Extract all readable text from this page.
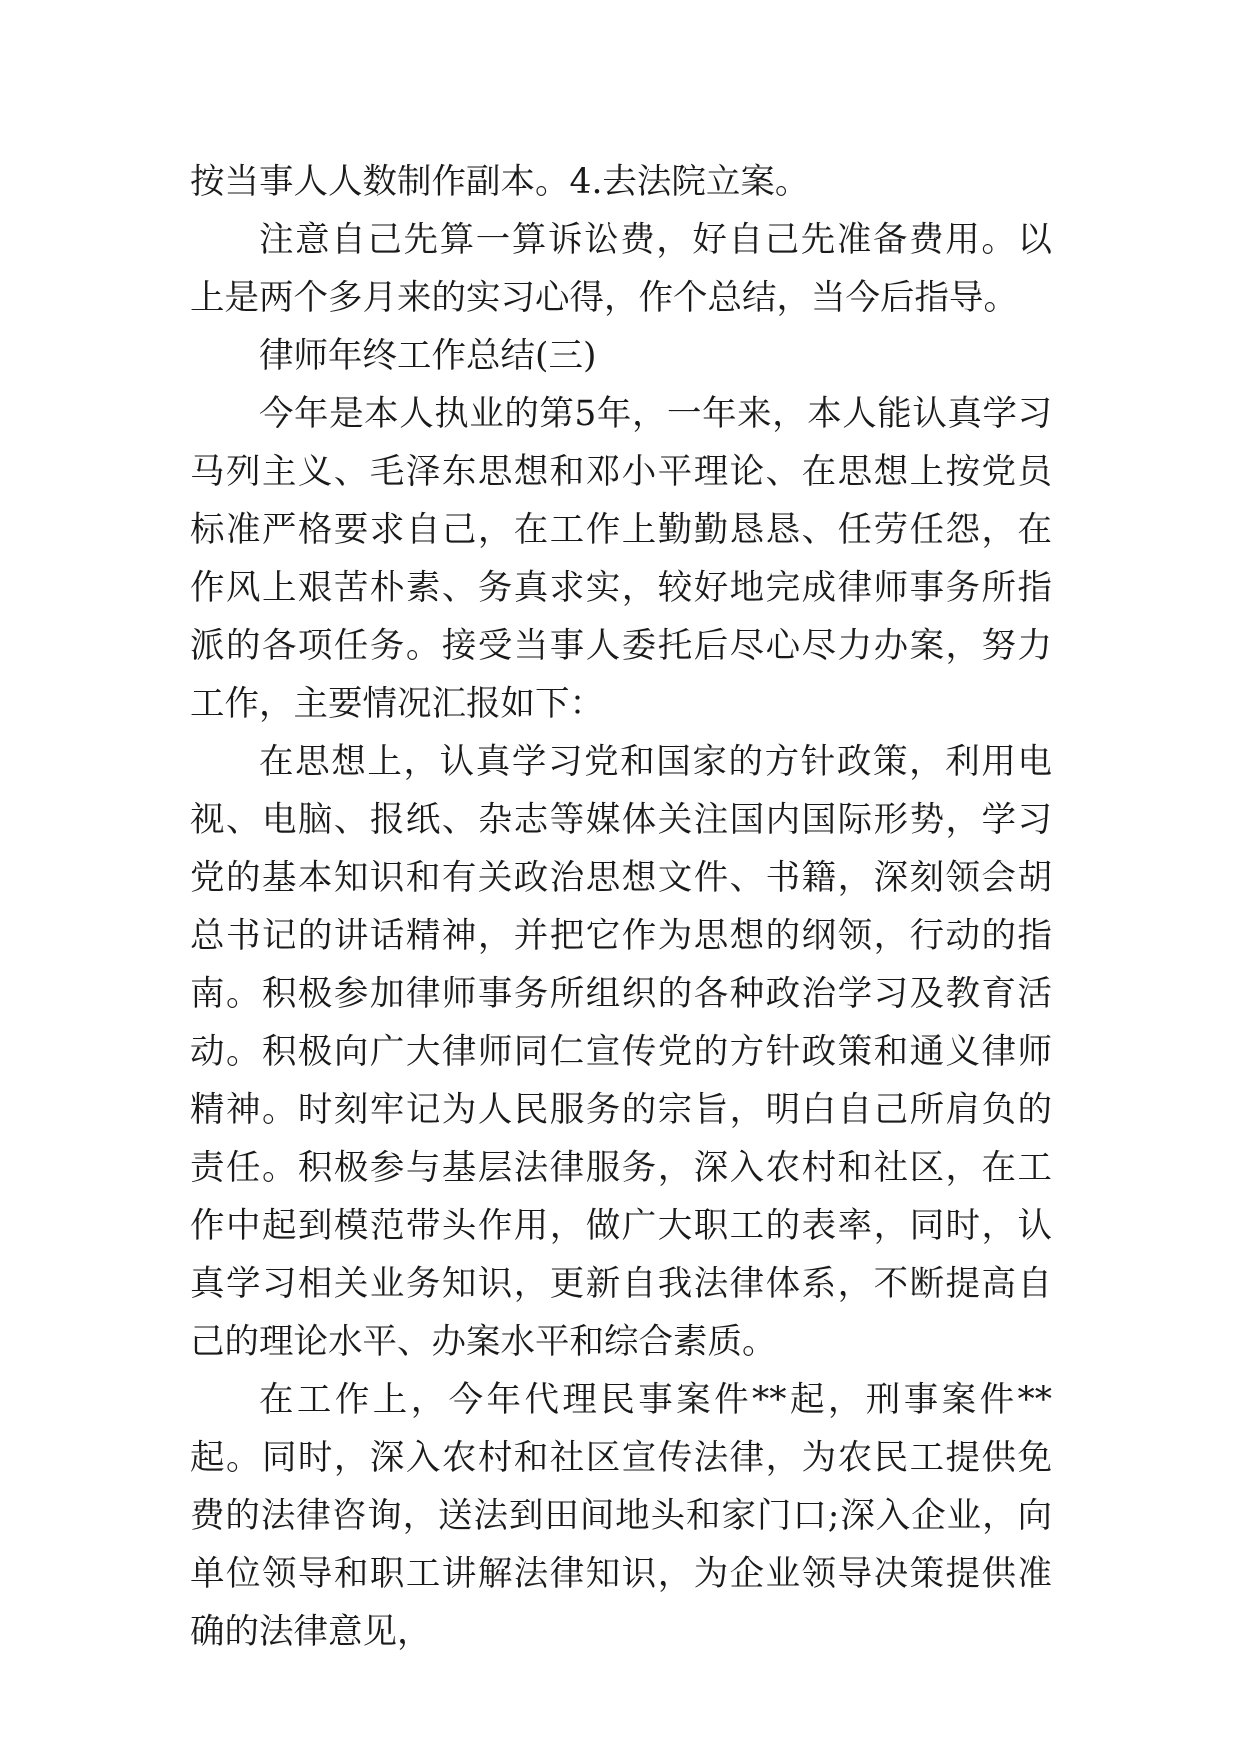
按当事人人数制作副本。4.去法院立案。

注意自己先算一算诉讼费，好自己先准备费用。以上是两个多月来的实习心得，作个总结，当今后指导。

律师年终工作总结(三)

今年是本人执业的第5年，一年来，本人能认真学习马列主义、毛泽东思想和邓小平理论、在思想上按党员标准严格要求自己，在工作上勤勤恳恳、任劳任怨，在作风上艰苦朴素、务真求实，较好地完成律师事务所指派的各项任务。接受当事人委托后尽心尽力办案，努力工作，主要情况汇报如下：

在思想上，认真学习党和国家的方针政策，利用电视、电脑、报纸、杂志等媒体关注国内国际形势，学习党的基本知识和有关政治思想文件、书籍，深刻领会胡总书记的讲话精神，并把它作为思想的纲领，行动的指南。积极参加律师事务所组织的各种政治学习及教育活动。积极向广大律师同仁宣传党的方针政策和通义律师精神。时刻牢记为人民服务的宗旨，明白自己所肩负的责任。积极参与基层法律服务，深入农村和社区，在工作中起到模范带头作用，做广大职工的表率，同时，认真学习相关业务知识，更新自我法律体系，不断提高自己的理论水平、办案水平和综合素质。

在工作上，今年代理民事案件**起，刑事案件**起。同时，深入农村和社区宣传法律，为农民工提供免费的法律咨询，送法到田间地头和家门口;深入企业，向单位领导和职工讲解法律知识，为企业领导决策提供准确的法律意见，
